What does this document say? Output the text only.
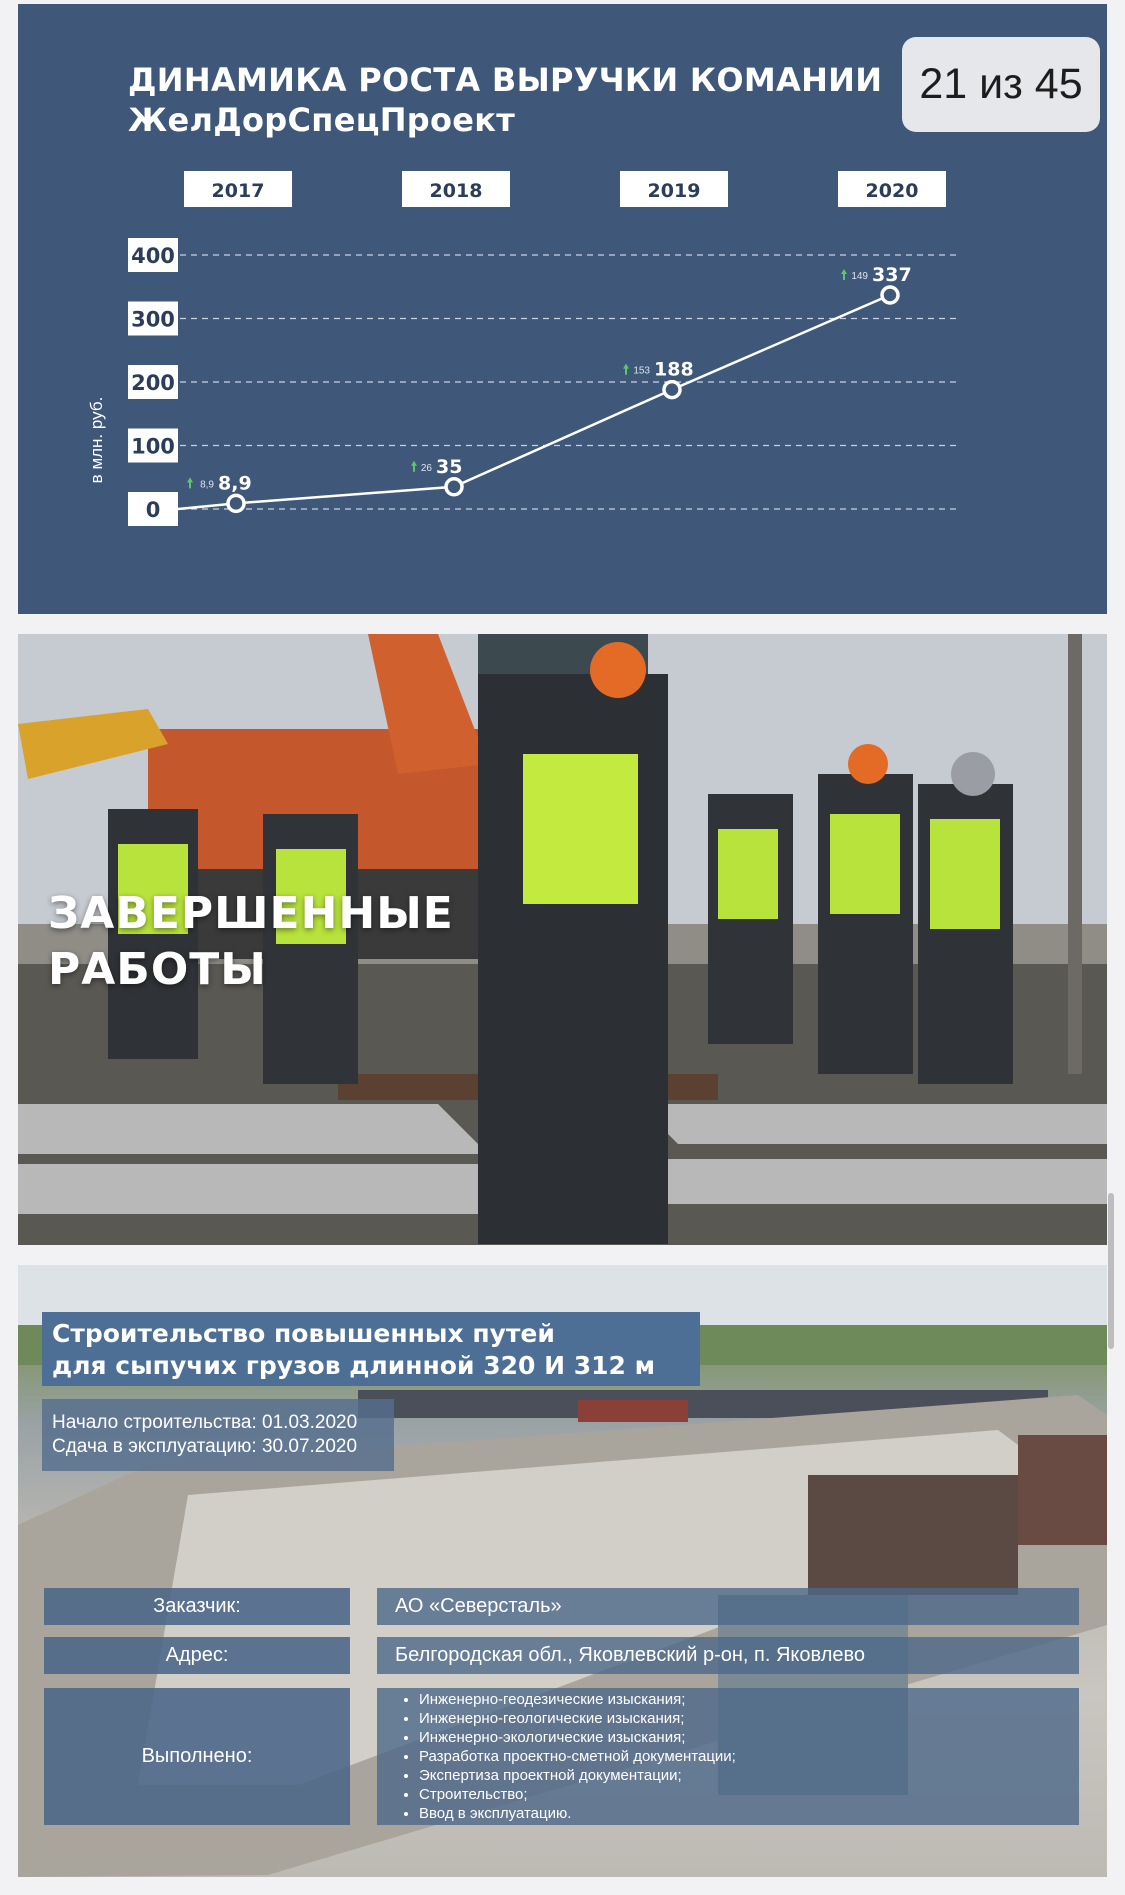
ДИНАМИКА РОСТА ВЫРУЧКИ КОМАНИИ
ЖелДорСпецПроект
21 из 45
2017	2018	2019	2020
0
100
200
300
400
в млн. руб.
8,9
8,9
35
26
188
153
337
149
ЗАВЕРШЕННЫЕ
РАБОТЫ
Строительство повышенных путей
для сыпучих грузов длинной 320 И 312 м
Начало строительства: 01.03.2020
Сдача в эксплуатацию: 30.07.2020
Заказчик:	АО «Северсталь»
Адрес:	Белгородская обл., Яковлевский р-он, п. Яковлево
Выполнено:
• Инженерно-геодезические изыскания;
• Инженерно-геологические изыскания;
• Инженерно-экологические изыскания;
• Разработка проектно-сметной документации;
• Экспертиза проектной документации;
• Строительство;
• Ввод в эксплуатацию.
